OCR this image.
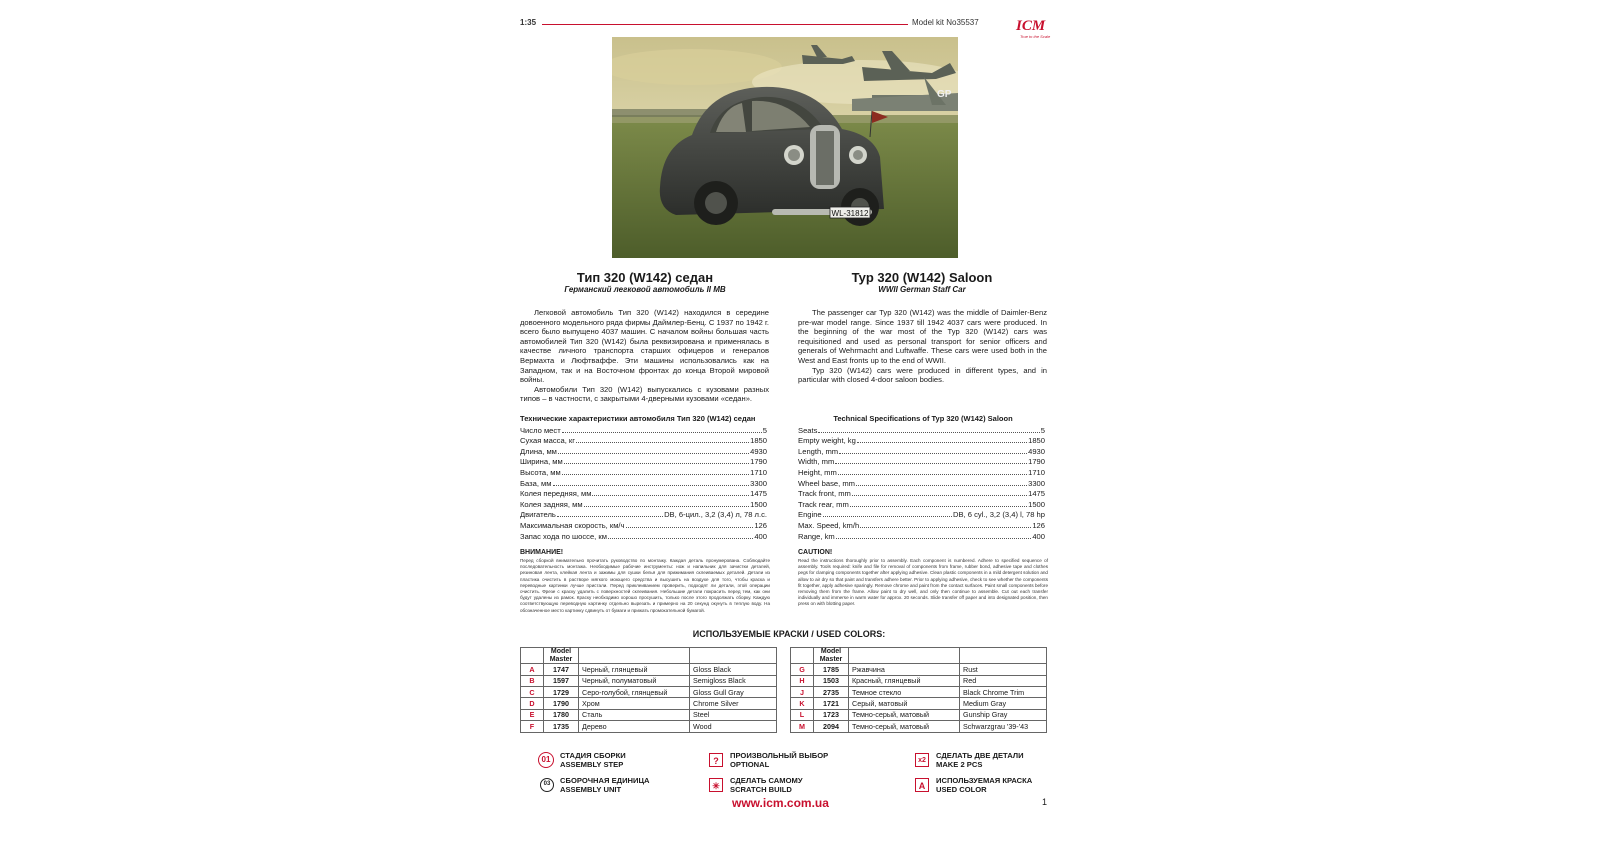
1:35	Model kit No35537 ICM
True to the Scale
GP
WL-31812
Тип 320 (W142) седан
Германский легковой автомобиль II МВ
Typ 320 (W142) Saloon
WWII German Staff Car

Легковой автомобиль Тип 320 (W142) находился в середине довоенного модельного ряда фирмы Даймлер-Бенц. С 1937 по 1942 г. всего было выпущено 4037 машин. С началом войны большая часть автомобилей Тип 320 (W142) была реквизирована и применялась в качестве личного транспорта старших офицеров и генералов Вермахта и Люфтваффе. Эти машины использовались как на Западном, так и на Восточном фронтах до конца Второй мировой войны.

Автомобили Тип 320 (W142) выпускались с кузовами разных типов – в частности, с закрытыми 4-дверными кузовами «седан».

The passenger car Typ 320 (W142) was the middle of Daimler-Benz pre-war model range. Since 1937 till 1942 4037 cars were produced. In the beginning of the war most of the Typ 320 (W142) cars was requisitioned and used as personal transport for senior officers and generals of Wehrmacht and Luftwaffe. These cars were used both in the West and East fronts up to the end of WWII.

Typ 320 (W142) cars were produced in different types, and in particular with closed 4-door saloon bodies.

Технические характеристики автомобиля Тип 320 (W142) седан
Число мест	5
Сухая масса, кг	1850
Длина, мм	4930
Ширина, мм	1790
Высота, мм	1710
База, мм	3300
Колея передняя, мм	1475
Колея задняя, мм	1500
Двигатель	DB, 6-цил., 3,2 (3,4) л, 78 л.с.
Максимальная скорость, км/ч	126
Запас хода по шоссе, км	400
Technical Specifications of Typ 320 (W142) Saloon
Seats	5
Empty weight, kg	1850
Length, mm	4930
Width, mm	1790
Height, mm	1710
Wheel base, mm	3300
Track front, mm	1475
Track rear, mm	1500
Engine	DB, 6 cyl., 3,2 (3,4) l, 78 hp
Max. Speed, km/h	126
Range, km	400
ВНИМАНИЕ!
Перед сборкой внимательно прочитать руководство по монтажу. Каждая деталь пронумерована. Соблюдайте последовательность монтажа. Необходимые рабочие инструменты: нож и напильник для зачистки деталей, резиновая лента, клейкая лента и зажимы для сушки белья для прижимания склеиваемых деталей. Детали из пластика очистить в растворе мягкого моющего средства и высушить на воздухе для того, чтобы краска и переводные картинки лучше пристали. Перед приклеиванием проверить, подходят ли детали, этой операции очистить. Фрезе с краску удалить с поверхностей склеивания. Небольшие детали покрасить перед тем, как они будут удалены из рамок. Краску необходимо хорошо просушить, только после этого продолжать сборку. Каждую соответствующую переводную картинку отдельно вырезать и примерно на 20 секунд окунуть в теплую воду. На обозначенное место картинку сдвинуть от бумаги и прижать промокательной бумагой.
CAUTION!
Read the instructions thoroughly prior to assembly. Each component is numbered. Adhere to specified sequence of assembly. Tools required: knife and file for removal of components from frame, rubber bond, adhesive tape and clothes pegs for clamping components together after applying adhesive. Clean plastic components in a mild detergent solution and allow to air dry so that paint and transfers adhere better. Prior to applying adhesive, check to see whether the components fit together, apply adhesive sparingly. Remove chrome and paint from the contact surfaces. Paint small components before removing them from the frame. Allow paint to dry well, and only then continue to assemble. Cut out each transfer individually and immerse in warm water for approx. 20 seconds. Slide transfer off paper and into designated position, then press on with blotting paper.
ИСПОЛЬЗУЕМЫЕ КРАСКИ / USED COLORS:
	Model Master		
A	1747	Черный, глянцевый	Gloss Black
B	1597	Черный, полуматовый	Semigloss Black
C	1729	Серо-голубой, глянцевый	Gloss Gull Gray
D	1790	Хром	Chrome Silver
E	1780	Сталь	Steel
F	1735	Дерево	Wood
	Model Master		
G	1785	Ржавчина	Rust
H	1503	Красный, глянцевый	Red
J	2735	Темное стекло	Black Chrome Trim
K	1721	Серый, матовый	Medium Gray
L	1723	Темно-серый, матовый	Gunship Gray
M	2094	Темно-серый, матовый	Schwarzgrau '39-'43
01	СТАДИЯ СБОРКИ
ASSEMBLY STEP
03	СБОРОЧНАЯ ЕДИНИЦА
ASSEMBLY UNIT
?
ПРОИЗВОЛЬНЫЙ ВЫБОР
OPTIONAL
✳
СДЕЛАТЬ САМОМУ
SCRATCH BUILD
x2
СДЕЛАТЬ ДВЕ ДЕТАЛИ
MAKE 2 PCS
A
ИСПОЛЬЗУЕМАЯ КРАСКА
USED COLOR
www.icm.com.ua	1
